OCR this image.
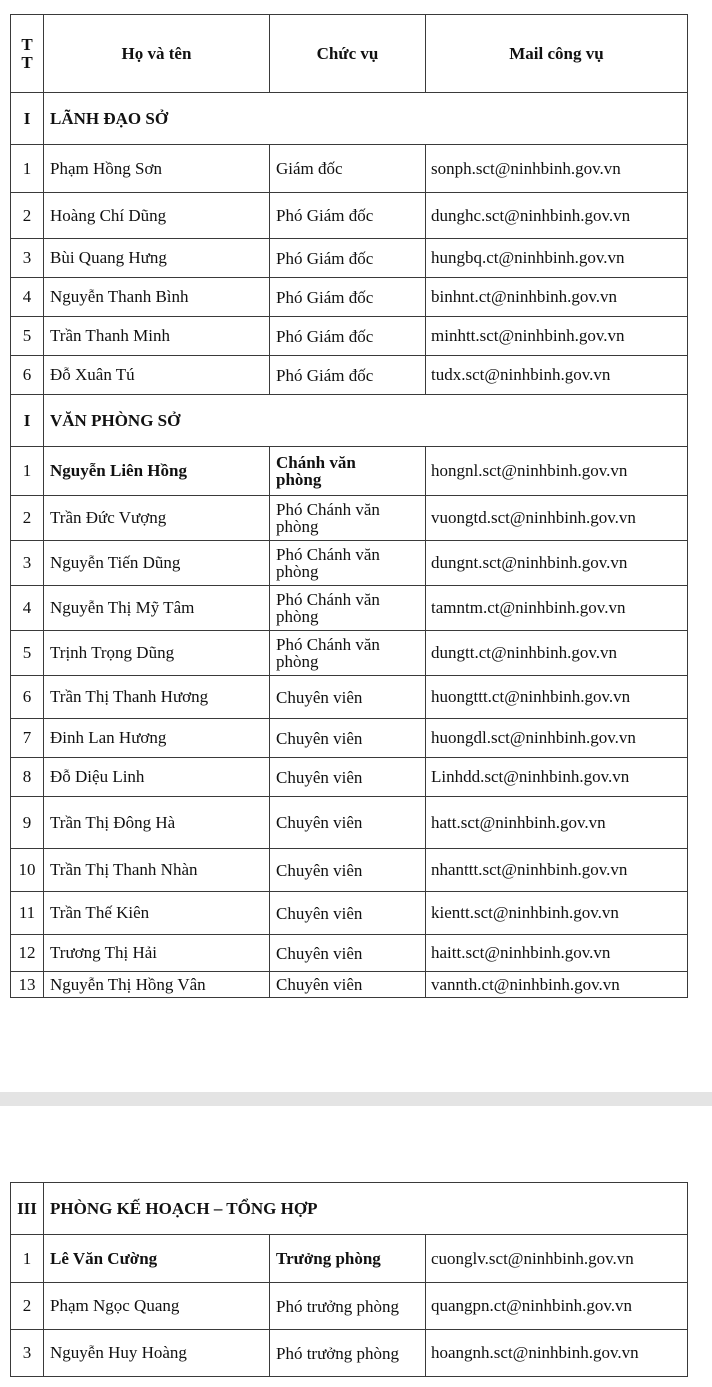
T
T	Họ và tên	Chức vụ	Mail công vụ
I	LÃNH ĐẠO SỞ		
1	Phạm Hồng Sơn	Giám đốc	sonph.sct@ninhbinh.gov.vn
2	Hoàng Chí Dũng	Phó Giám đốc	dunghc.sct@ninhbinh.gov.vn
3	Bùi Quang Hưng	Phó Giám đốc	hungbq.ct@ninhbinh.gov.vn
4	Nguyễn Thanh Bình	Phó Giám đốc	binhnt.ct@ninhbinh.gov.vn
5	Trần Thanh Minh	Phó Giám đốc	minhtt.sct@ninhbinh.gov.vn
6	Đỗ Xuân Tú	Phó Giám đốc	tudx.sct@ninhbinh.gov.vn
I	VĂN PHÒNG SỞ		
1	Nguyễn Liên Hồng	Chánh văn phòng	hongnl.sct@ninhbinh.gov.vn
2	Trần Đức Vượng	Phó Chánh văn phòng	vuongtd.sct@ninhbinh.gov.vn
3	Nguyễn Tiến Dũng	Phó Chánh văn phòng	dungnt.sct@ninhbinh.gov.vn
4	Nguyễn Thị Mỹ Tâm	Phó Chánh văn phòng	tamntm.ct@ninhbinh.gov.vn
5	Trịnh Trọng Dũng	Phó Chánh văn phòng	dungtt.ct@ninhbinh.gov.vn
6	Trần Thị Thanh Hương	Chuyên viên	huongttt.ct@ninhbinh.gov.vn
7	Đinh Lan Hương	Chuyên viên	huongdl.sct@ninhbinh.gov.vn
8	Đỗ Diệu Linh	Chuyên viên	Linhdd.sct@ninhbinh.gov.vn
9	Trần Thị Đông Hà	Chuyên viên	hatt.sct@ninhbinh.gov.vn
10	Trần Thị Thanh Nhàn	Chuyên viên	nhanttt.sct@ninhbinh.gov.vn
11	Trần Thế Kiên	Chuyên viên	kientt.sct@ninhbinh.gov.vn
12	Trương Thị Hải	Chuyên viên	haitt.sct@ninhbinh.gov.vn
13	Nguyễn Thị Hồng Vân	Chuyên viên	vannth.ct@ninhbinh.gov.vn
III	PHÒNG KẾ HOẠCH – TỔNG HỢP		
1	Lê Văn Cường	Trưởng phòng	cuonglv.sct@ninhbinh.gov.vn
2	Phạm Ngọc Quang	Phó trưởng phòng	quangpn.ct@ninhbinh.gov.vn
3	Nguyễn Huy Hoàng	Phó trưởng phòng	hoangnh.sct@ninhbinh.gov.vn
